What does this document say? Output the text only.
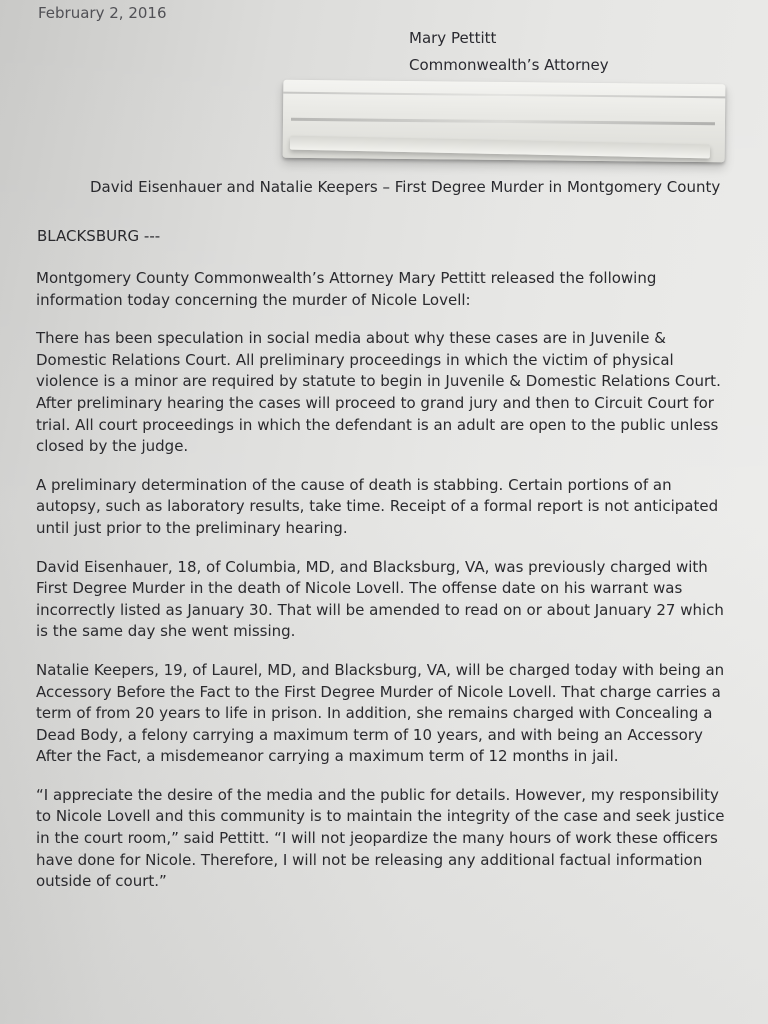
February 2, 2016
Mary Pettitt
Commonwealth’s Attorney
David Eisenhauer and Natalie Keepers – First Degree Murder in Montgomery County
BLACKSBURG ---

Montgomery County Commonwealth’s Attorney Mary Pettitt released the following information today concerning the murder of Nicole Lovell:

There has been speculation in social media about why these cases are in Juvenile & Domestic Relations Court. All preliminary proceedings in which the victim of physical violence is a minor are required by statute to begin in Juvenile & Domestic Relations Court. After preliminary hearing the cases will proceed to grand jury and then to Circuit Court for trial. All court proceedings in which the defendant is an adult are open to the public unless closed by the judge.

A preliminary determination of the cause of death is stabbing. Certain portions of an autopsy, such as laboratory results, take time. Receipt of a formal report is not anticipated until just prior to the preliminary hearing.

David Eisenhauer, 18, of Columbia, MD, and Blacksburg, VA, was previously charged with First Degree Murder in the death of Nicole Lovell. The offense date on his warrant was incorrectly listed as January 30. That will be amended to read on or about January 27 which is the same day she went missing.

Natalie Keepers, 19, of Laurel, MD, and Blacksburg, VA, will be charged today with being an Accessory Before the Fact to the First Degree Murder of Nicole Lovell. That charge carries a term of from 20 years to life in prison. In addition, she remains charged with Concealing a Dead Body, a felony carrying a maximum term of 10 years, and with being an Accessory After the Fact, a misdemeanor carrying a maximum term of 12 months in jail.

“I appreciate the desire of the media and the public for details. However, my responsibility to Nicole Lovell and this community is to maintain the integrity of the case and seek justice in the court room,” said Pettitt. “I will not jeopardize the many hours of work these officers have done for Nicole. Therefore, I will not be releasing any additional factual information outside of court.”
